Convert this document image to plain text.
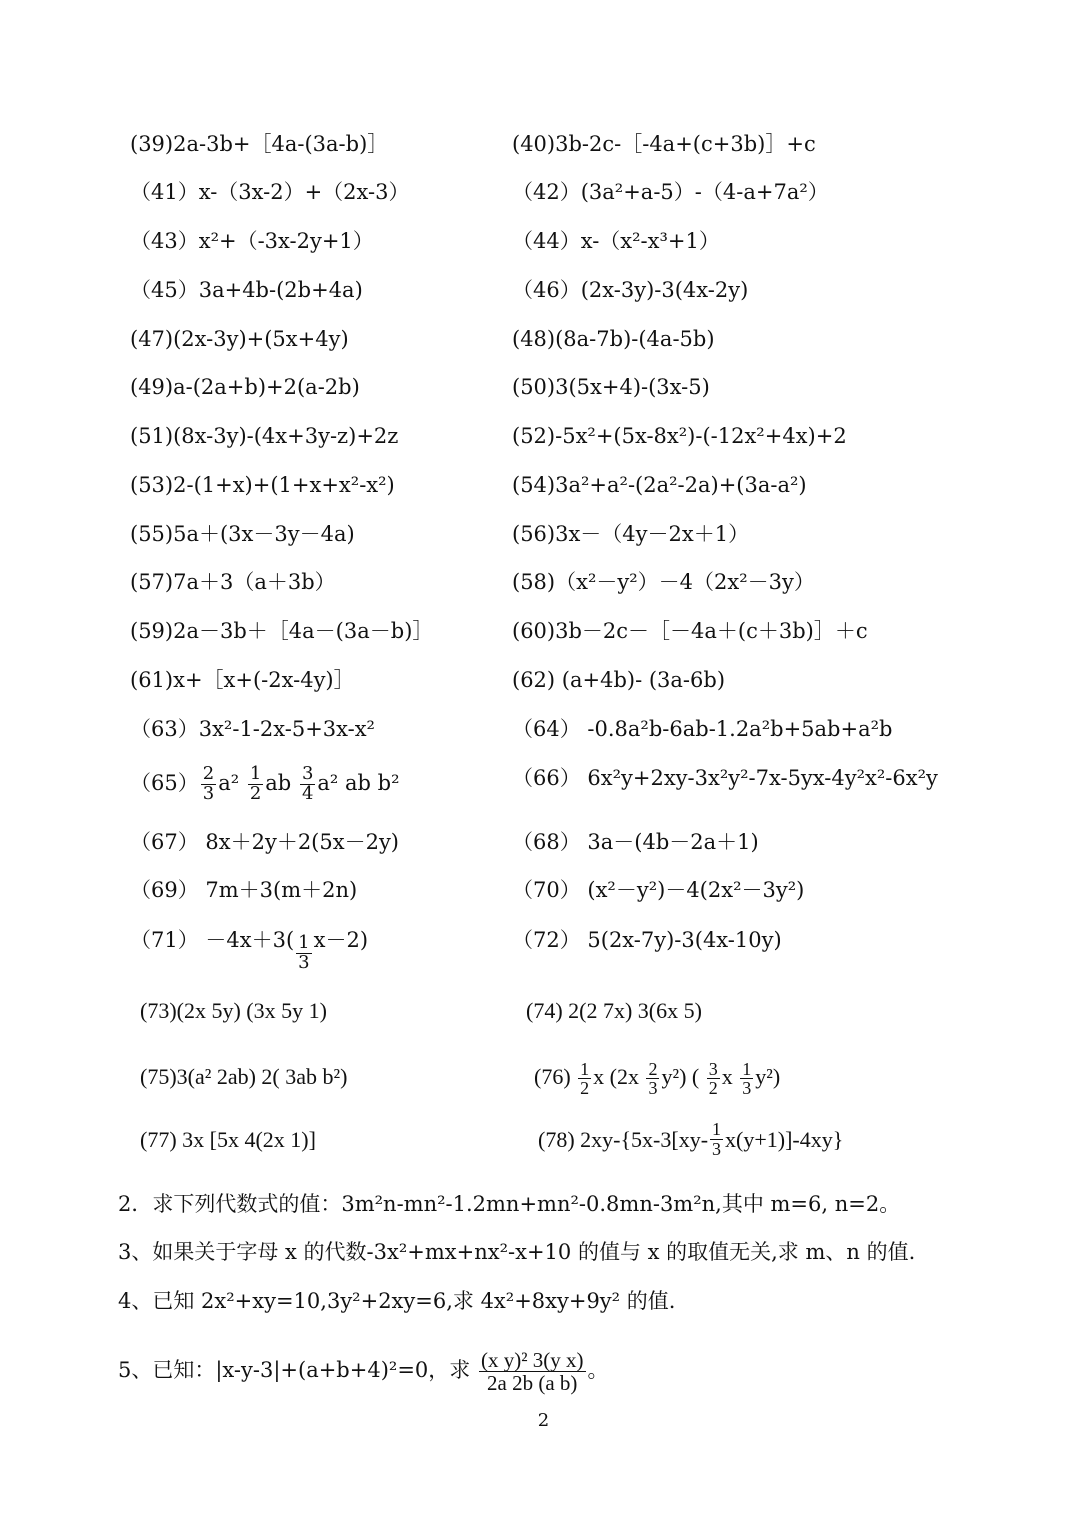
(39)2a-3b+［4a-(3a-b)］	(40)3b-2c-［-4a+(c+3b)］+c
（41）x-（3x-2）+（2x-3）	（42）(3a²+a-5）-（4-a+7a²）
（43）x²+（-3x-2y+1）	（44）x-（x²-x³+1）
（45）3a+4b-(2b+4a)	（46）(2x-3y)-3(4x-2y)
(47)(2x-3y)+(5x+4y)	(48)(8a-7b)-(4a-5b)
(49)a-(2a+b)+2(a-2b)	(50)3(5x+4)-(3x-5)
(51)(8x-3y)-(4x+3y-z)+2z	(52)-5x²+(5x-8x²)-(-12x²+4x)+2
(53)2-(1+x)+(1+x+x²-x²)	(54)3a²+a²-(2a²-2a)+(3a-a²)
(55)5a＋(3x－3y－4a)	(56)3x－（4y－2x＋1）
(57)7a＋3（a＋3b）	(58)（x²－y²）－4（2x²－3y）
(59)2a－3b＋［4a－(3a－b)］	(60)3b－2c－［－4a＋(c＋3b)］＋c
(61)x+［x+(-2x-4y)］	(62) (a+4b)- (3a-6b)
（63）3x²-1-2x-5+3x-x²	（64） -0.8a²b-6ab-1.2a²b+5ab+a²b
$(65) \frac{2}{3} a^2 \frac{1}{2}$ ab $\frac{3}{4} a^2$ ab b²	（66） 6x²y+2xy-3x²y²-7x-5yx-4y²x²-6x²y
（67） 8x＋2y＋2(5x－2y)	（68） 3a－(4b－2a＋1)
（69） 7m＋3(m＋2n)	（70） (x²－y²)－4(2x²－3y²)
$(71) -4x+3( \frac{1}{3} x-2)$	（72） 5(2x-7y)-3(4x-10y)
(73)(2x 5y) (3x 5y 1)	(74) 2(2 7x) 3(6x 5)
(75)3(a² 2ab) 2( 3ab b²)	$(76) \frac{1}{2}$ x $(2x \frac{2}{3} y^2)$ ( $\frac{3}{2}$ x $\frac{1}{3} y^2$)
(77) 3x [5x 4(2x 1)]	(78) $2xy-\{5x-3[xy- \frac{1}{3} x(y+1)]-4xy\}$
2．求下列代数式的值：3m²n-mn²-1.2mn+mn²-0.8mn-3m²n,其中 m=6, n=2。
3、如果关于字母 x 的代数-3x²+mx+nx²-x+10 的值与 x 的取值无关,求 m、n 的值.
4、已知 2x²+xy=10,3y²+2xy=6,求 4x²+8xy+9y² 的值.
5、已知：|x-y-3|+(a+b+4)²=0，求 $\frac{\text{(x y)² 3(y x)}}{\text{2a 2b (a b)}}$ 。
2
